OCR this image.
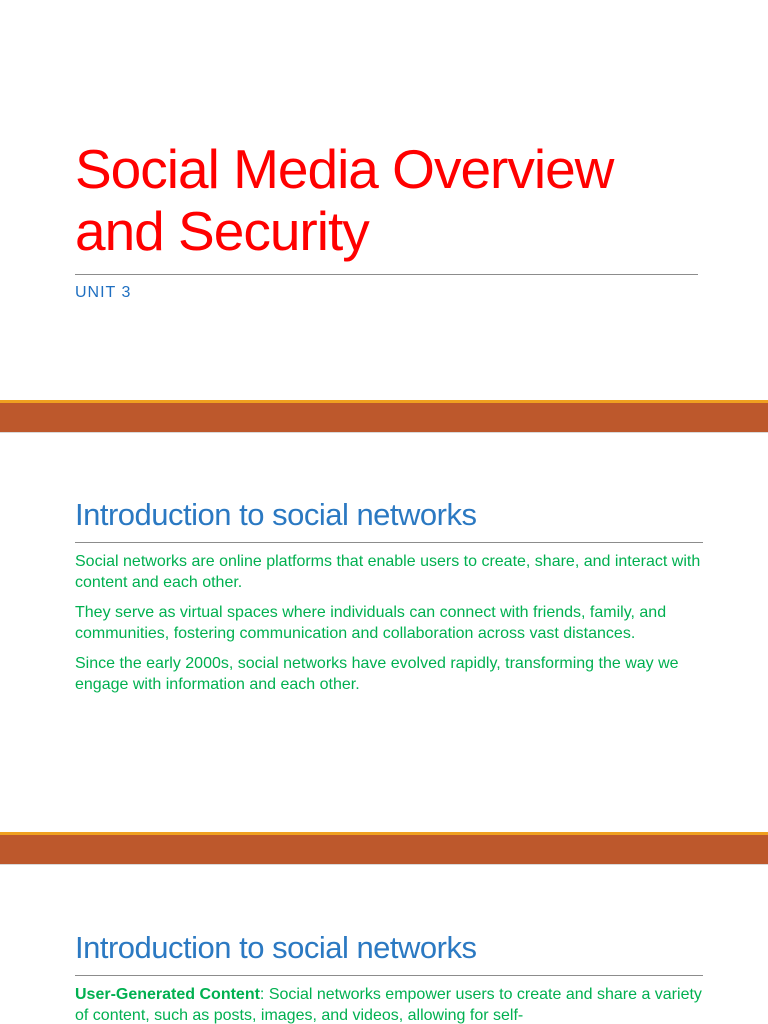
Social Media Overview and Security
UNIT 3
Introduction to social networks

Social networks are online platforms that enable users to create, share, and interact with content and each other.

They serve as virtual spaces where individuals can connect with friends, family, and communities, fostering communication and collaboration across vast distances.

Since the early 2000s, social networks have evolved rapidly, transforming the way we engage with information and each other.

Introduction to social networks

User-Generated Content: Social networks empower users to create and share a variety of content, such as posts, images, and videos, allowing for self-
